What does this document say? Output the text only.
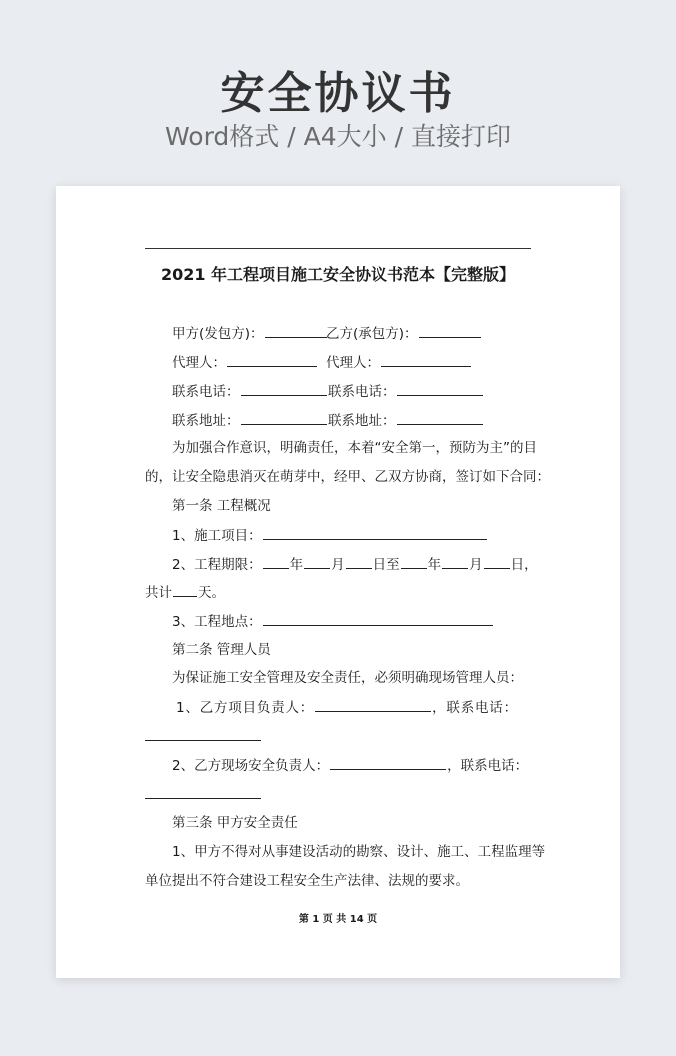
安全协议书
Word格式 / A4大小 / 直接打印
2021 年工程项目施工安全协议书范本【完整版】
甲方(发包方)：	乙方(承包方)：
代理人：	代理人：
联系电话：	联系电话：
联系地址：	联系地址：
为加强合作意识，明确责任，本着“安全第一，预防为主”的目
的，让安全隐患消灭在萌芽中，经甲、乙双方协商，签订如下合同：
第一条 工程概况
1、施工项目：
2、工程期限： 年 月 日至 年 月 日，
共计 天。
3、工程地点：
第二条 管理人员
为保证施工安全管理及安全责任，必须明确现场管理人员：
1、乙方项目负责人：	，联系电话：
2、乙方现场安全负责人：	，联系电话：
第三条 甲方安全责任
1、甲方不得对从事建设活动的勘察、设计、施工、工程监理等
单位提出不符合建设工程安全生产法律、法规的要求。
第 1 页 共 14 页
